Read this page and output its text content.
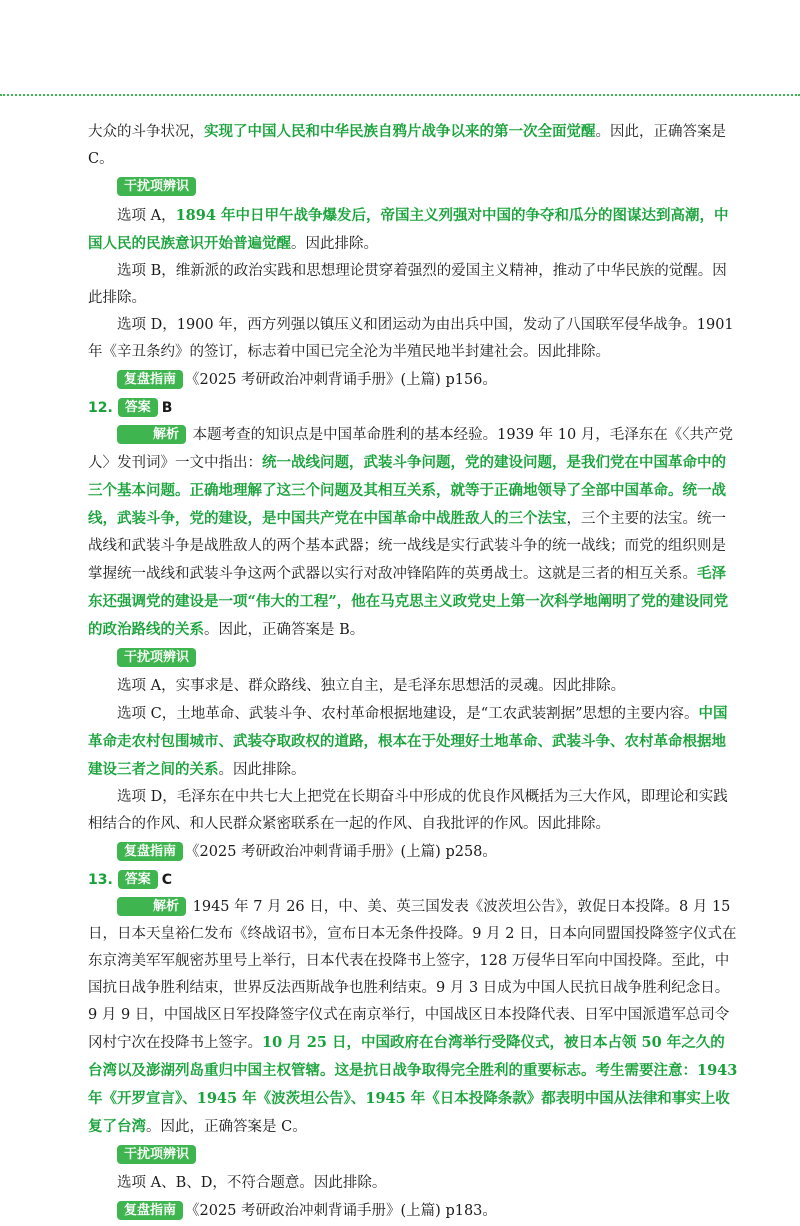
大众的斗争状况，实现了中国人民和中华民族自鸦片战争以来的第一次全面觉醒。因此，正确答案是 C。

干扰项辨识

选项 A，1894 年中日甲午战争爆发后，帝国主义列强对中国的争夺和瓜分的图谋达到高潮，中国人民的民族意识开始普遍觉醒。因此排除。

选项 B，维新派的政治实践和思想理论贯穿着强烈的爱国主义精神，推动了中华民族的觉醒。因此排除。

选项 D，1900 年，西方列强以镇压义和团运动为由出兵中国，发动了八国联军侵华战争。1901 年《辛丑条约》的签订，标志着中国已完全沦为半殖民地半封建社会。因此排除。

复盘指南 《2025 考研政治冲刺背诵手册》(上篇) p156。

12. 答案 B

解析 本题考查的知识点是中国革命胜利的基本经验。1939 年 10 月，毛泽东在《〈共产党人〉发刊词》一文中指出：统一战线问题，武装斗争问题，党的建设问题，是我们党在中国革命中的三个基本问题。正确地理解了这三个问题及其相互关系，就等于正确地领导了全部中国革命。统一战线，武装斗争，党的建设，是中国共产党在中国革命中战胜敌人的三个法宝，三个主要的法宝。统一战线和武装斗争是战胜敌人的两个基本武器；统一战线是实行武装斗争的统一战线；而党的组织则是掌握统一战线和武装斗争这两个武器以实行对敌冲锋陷阵的英勇战士。这就是三者的相互关系。毛泽东还强调党的建设是一项“伟大的工程”，他在马克思主义政党史上第一次科学地阐明了党的建设同党的政治路线的关系。因此，正确答案是 B。

干扰项辨识

选项 A，实事求是、群众路线、独立自主，是毛泽东思想活的灵魂。因此排除。

选项 C，土地革命、武装斗争、农村革命根据地建设，是“工农武装割据”思想的主要内容。中国革命走农村包围城市、武装夺取政权的道路，根本在于处理好土地革命、武装斗争、农村革命根据地建设三者之间的关系。因此排除。

选项 D，毛泽东在中共七大上把党在长期奋斗中形成的优良作风概括为三大作风，即理论和实践相结合的作风、和人民群众紧密联系在一起的作风、自我批评的作风。因此排除。

复盘指南 《2025 考研政治冲刺背诵手册》(上篇) p258。

13. 答案 C

解析 1945 年 7 月 26 日，中、美、英三国发表《波茨坦公告》，敦促日本投降。8 月 15 日，日本天皇裕仁发布《终战诏书》，宣布日本无条件投降。9 月 2 日，日本向同盟国投降签字仪式在东京湾美军军舰密苏里号上举行，日本代表在投降书上签字，128 万侵华日军向中国投降。至此，中国抗日战争胜利结束，世界反法西斯战争也胜利结束。9 月 3 日成为中国人民抗日战争胜利纪念日。9 月 9 日，中国战区日军投降签字仪式在南京举行，中国战区日本投降代表、日军中国派遣军总司令冈村宁次在投降书上签字。10 月 25 日，中国政府在台湾举行受降仪式，被日本占领 50 年之久的台湾以及澎湖列岛重归中国主权管辖。这是抗日战争取得完全胜利的重要标志。考生需要注意：1943 年《开罗宣言》、1945 年《波茨坦公告》、1945 年《日本投降条款》都表明中国从法律和事实上收复了台湾。因此，正确答案是 C。

干扰项辨识

选项 A、B、D，不符合题意。因此排除。

复盘指南 《2025 考研政治冲刺背诵手册》(上篇) p183。
